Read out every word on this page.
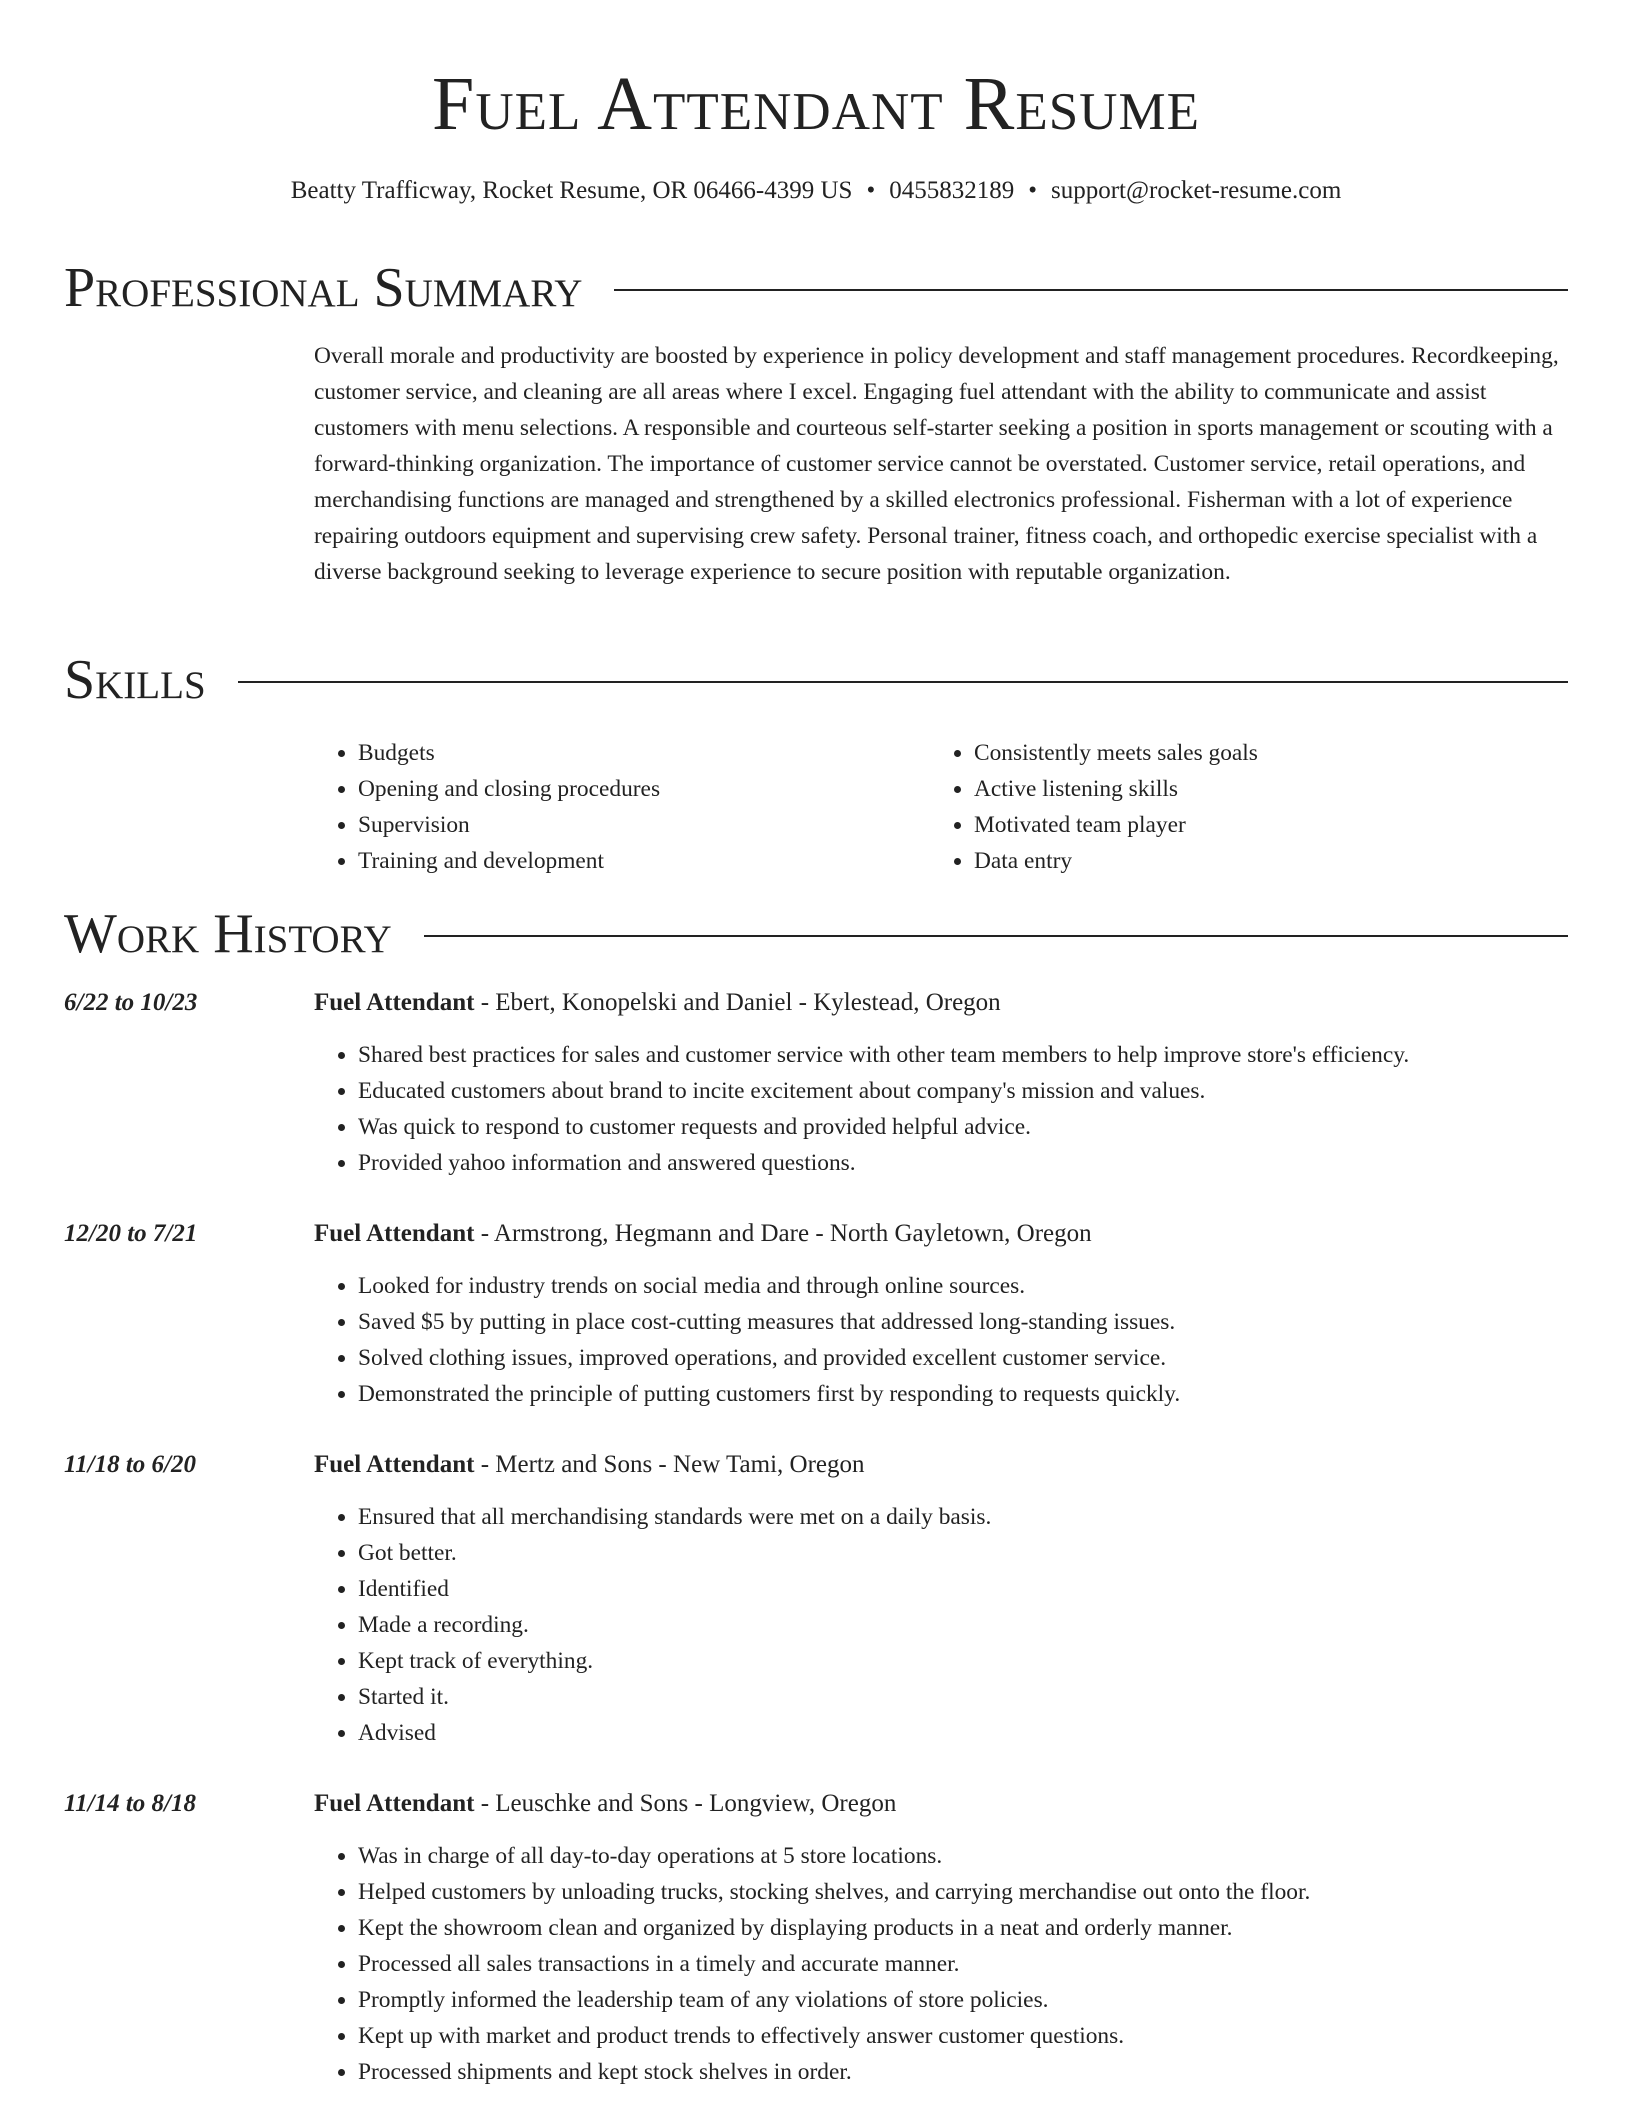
Fuel Attendant Resume
Beatty Trafficway, Rocket Resume, OR 06466-4399 US • 0455832189 • support@rocket-resume.com
Professional Summary
Overall morale and productivity are boosted by experience in policy development and staff management procedures. Recordkeeping, customer service, and cleaning are all areas where I excel. Engaging fuel attendant with the ability to communicate and assist customers with menu selections. A responsible and courteous self-starter seeking a position in sports management or scouting with a forward-thinking organization. The importance of customer service cannot be overstated. Customer service, retail operations, and merchandising functions are managed and strengthened by a skilled electronics professional. Fisherman with a lot of experience repairing outdoors equipment and supervising crew safety. Personal trainer, fitness coach, and orthopedic exercise specialist with a diverse background seeking to leverage experience to secure position with reputable organization.
Skills
• Budgets
• Opening and closing procedures
• Supervision
• Training and development
• Consistently meets sales goals
• Active listening skills
• Motivated team player
• Data entry
Work History
6/22 to 10/23	Fuel Attendant - Ebert, Konopelski and Daniel - Kylestead, Oregon
• Shared best practices for sales and customer service with other team members to help improve store's efficiency.
• Educated customers about brand to incite excitement about company's mission and values.
• Was quick to respond to customer requests and provided helpful advice.
• Provided yahoo information and answered questions.
12/20 to 7/21	Fuel Attendant - Armstrong, Hegmann and Dare - North Gayletown, Oregon
• Looked for industry trends on social media and through online sources.
• Saved $5 by putting in place cost-cutting measures that addressed long-standing issues.
• Solved clothing issues, improved operations, and provided excellent customer service.
• Demonstrated the principle of putting customers first by responding to requests quickly.
11/18 to 6/20	Fuel Attendant - Mertz and Sons - New Tami, Oregon
• Ensured that all merchandising standards were met on a daily basis.
• Got better.
• Identified
• Made a recording.
• Kept track of everything.
• Started it.
• Advised
11/14 to 8/18	Fuel Attendant - Leuschke and Sons - Longview, Oregon
• Was in charge of all day-to-day operations at 5 store locations.
• Helped customers by unloading trucks, stocking shelves, and carrying merchandise out onto the floor.
• Kept the showroom clean and organized by displaying products in a neat and orderly manner.
• Processed all sales transactions in a timely and accurate manner.
• Promptly informed the leadership team of any violations of store policies.
• Kept up with market and product trends to effectively answer customer questions.
• Processed shipments and kept stock shelves in order.
